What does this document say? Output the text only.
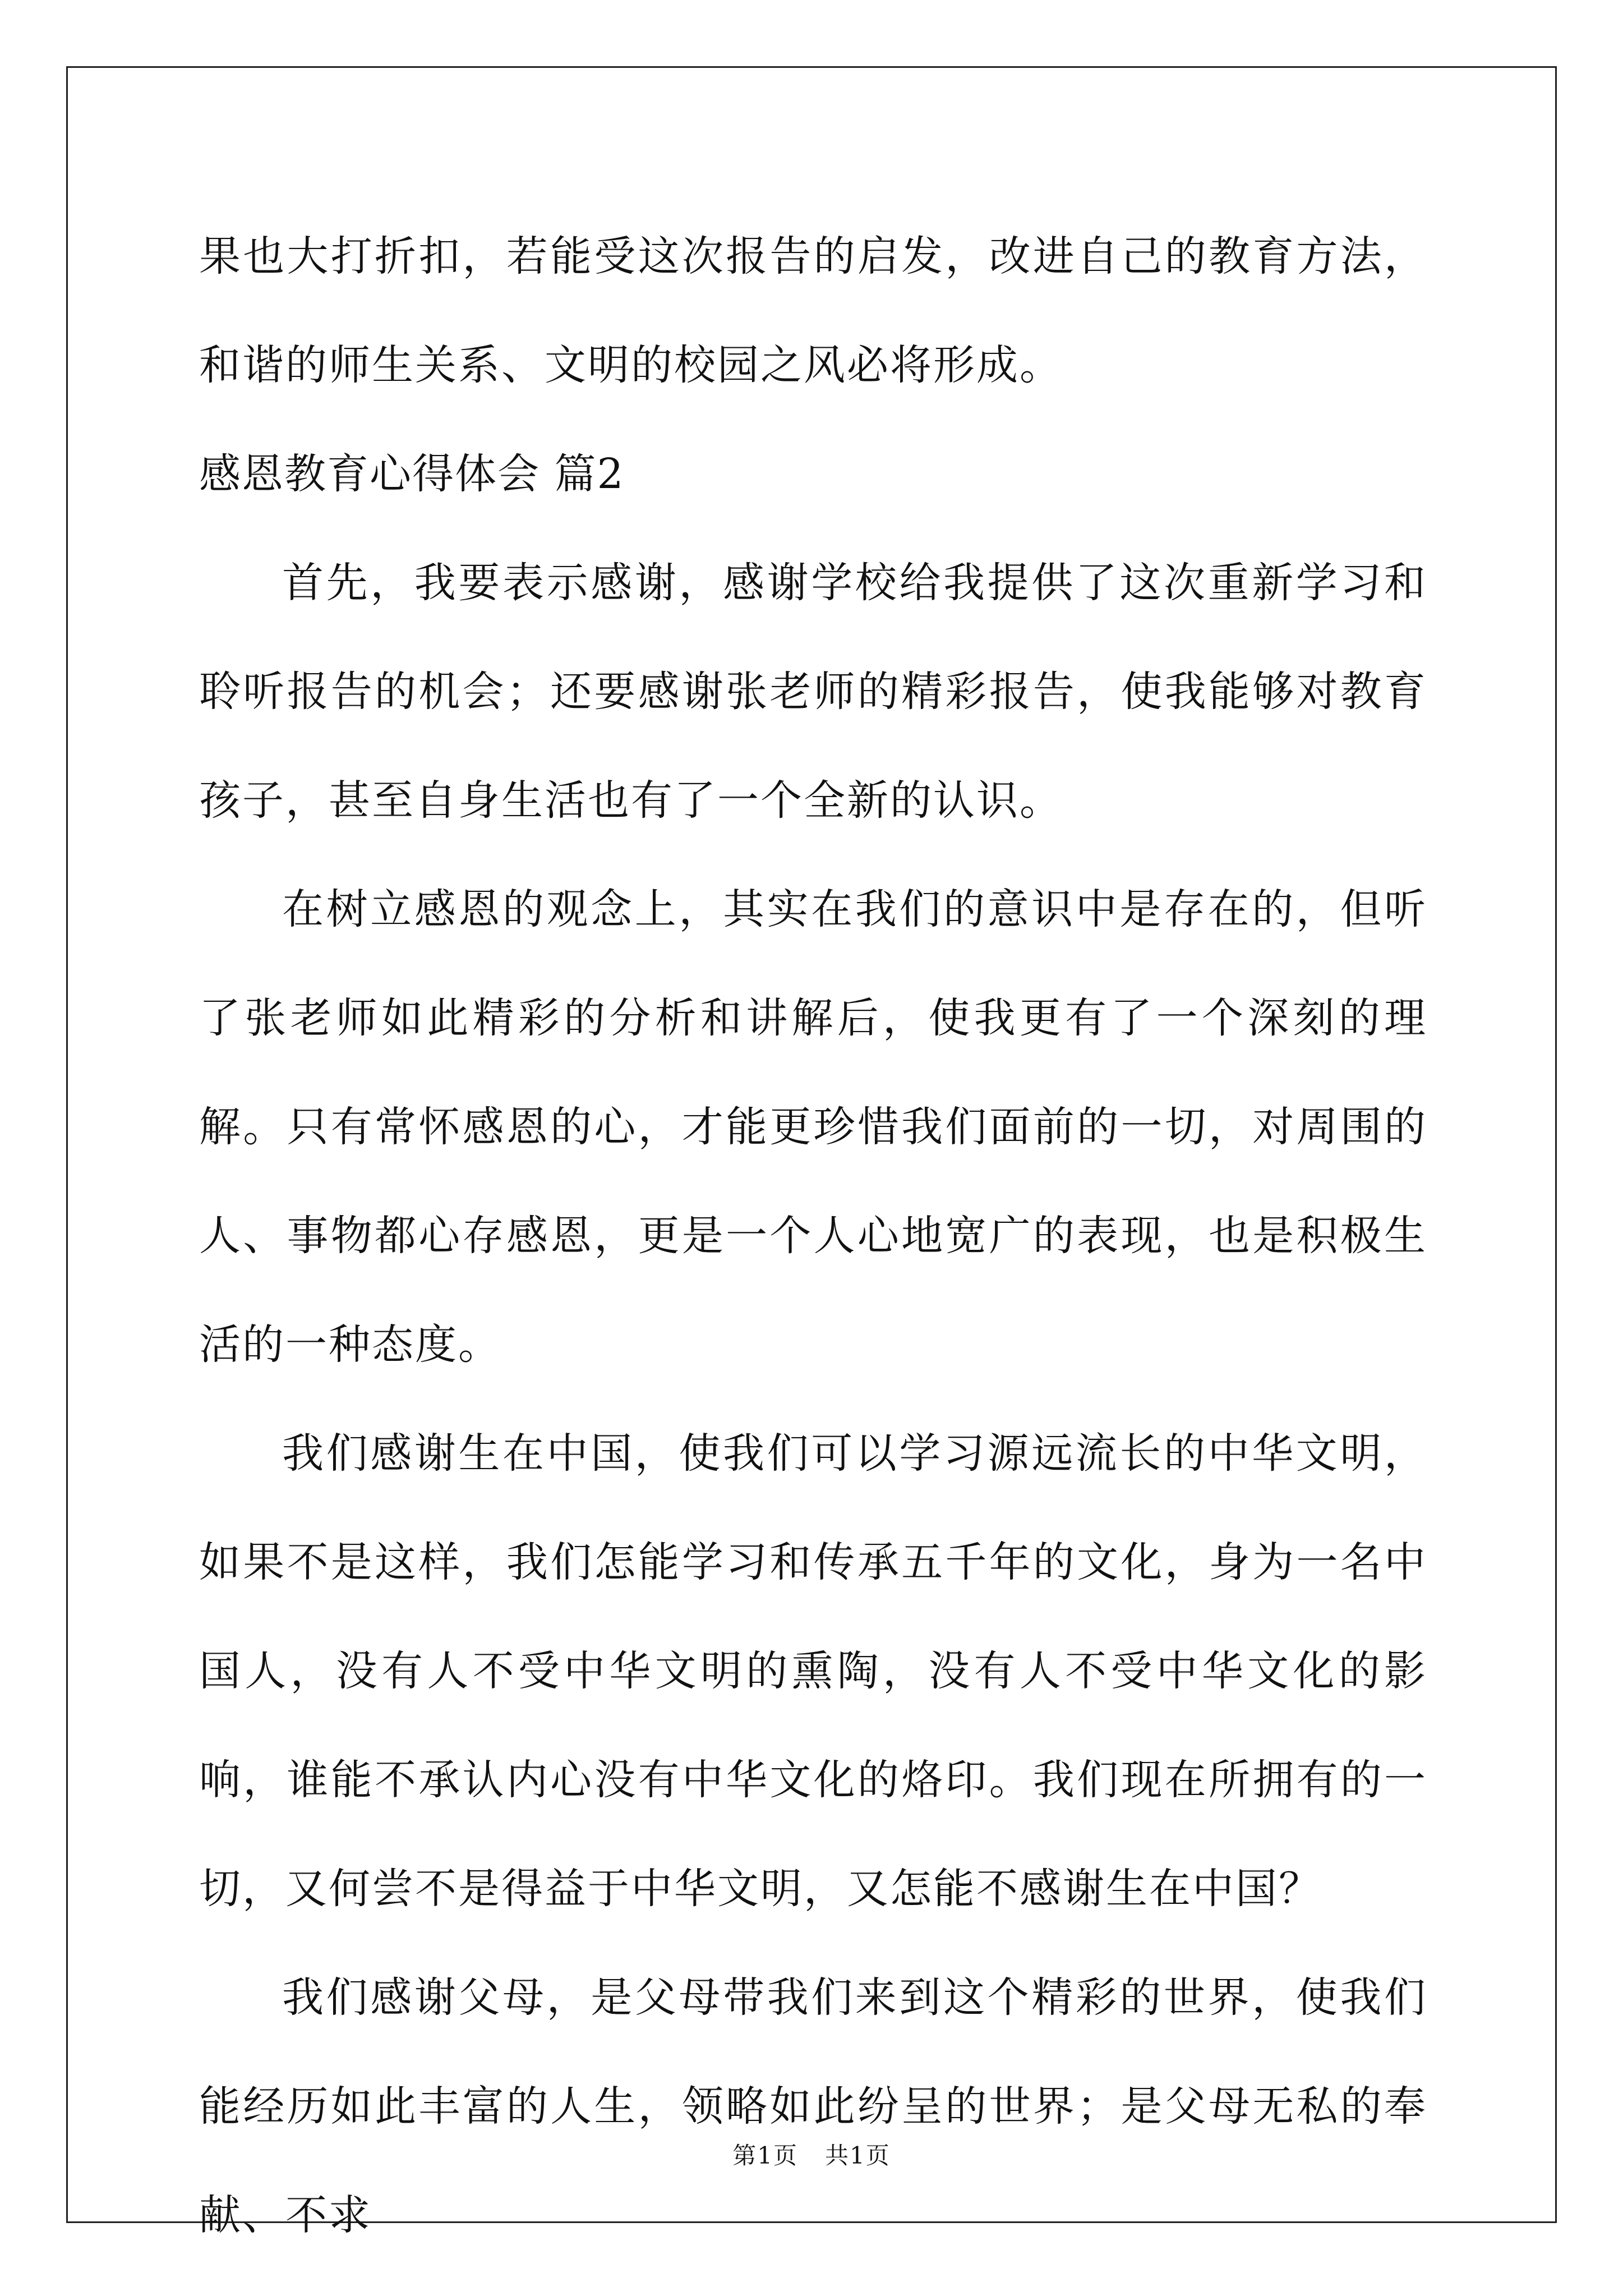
果也大打折扣，若能受这次报告的启发，改进自己的教育方法，和谐的师生关系、文明的校园之风必将形成。

感恩教育心得体会 篇2

首先，我要表示感谢，感谢学校给我提供了这次重新学习和聆听报告的机会；还要感谢张老师的精彩报告，使我能够对教育孩子，甚至自身生活也有了一个全新的认识。

在树立感恩的观念上，其实在我们的意识中是存在的，但听了张老师如此精彩的分析和讲解后，使我更有了一个深刻的理解。只有常怀感恩的心，才能更珍惜我们面前的一切，对周围的人、事物都心存感恩，更是一个人心地宽广的表现，也是积极生活的一种态度。

我们感谢生在中国，使我们可以学习源远流长的中华文明，如果不是这样，我们怎能学习和传承五千年的文化，身为一名中国人，没有人不受中华文明的熏陶，没有人不受中华文化的影响，谁能不承认内心没有中华文化的烙印。我们现在所拥有的一切，又何尝不是得益于中华文明，又怎能不感谢生在中国？

我们感谢父母，是父母带我们来到这个精彩的世界，使我们能经历如此丰富的人生，领略如此纷呈的世界；是父母无私的奉献、不求

第1页 共1页
